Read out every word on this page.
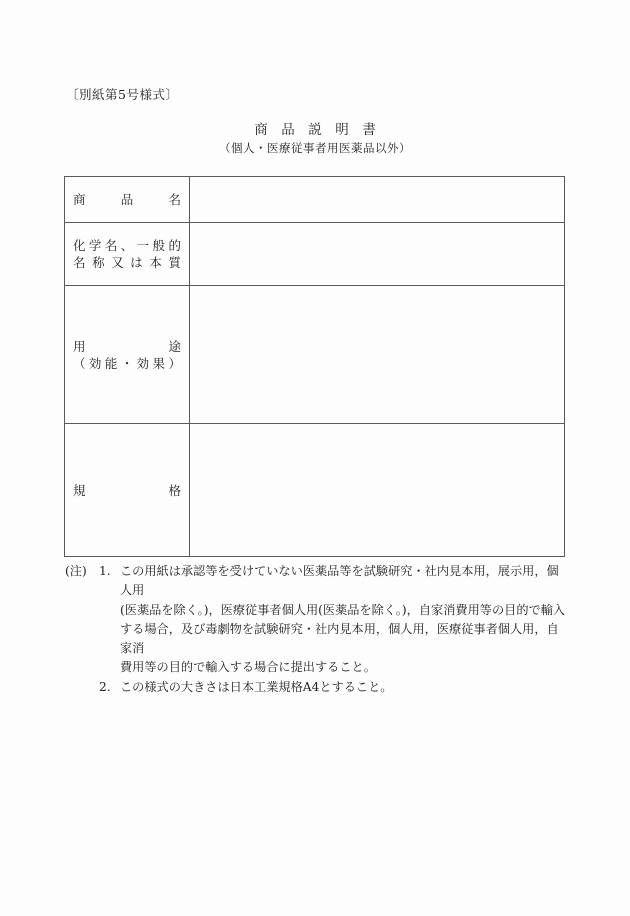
〔別紙第5号様式〕
商品説明書
（個人・医療従事者用医薬品以外）
商 品 名	

化 学 名 、 一 般 的
名 称 又 は 本 質

用	途
（ 効 能 ・ 効 果 ）

規 格	

(注)	1. この用紙は承認等を受けていない医薬品等を試験研究・社内見本用，展示用，個人用
(医薬品を除く。)，医療従事者個人用(医薬品を除く。)，自家消費用等の目的で輸入
する場合，及び毒劇物を試験研究・社内見本用，個人用，医療従事者個人用，自家消
費用等の目的で輸入する場合に提出すること。
2. この様式の大きさは日本工業規格A4とすること。
